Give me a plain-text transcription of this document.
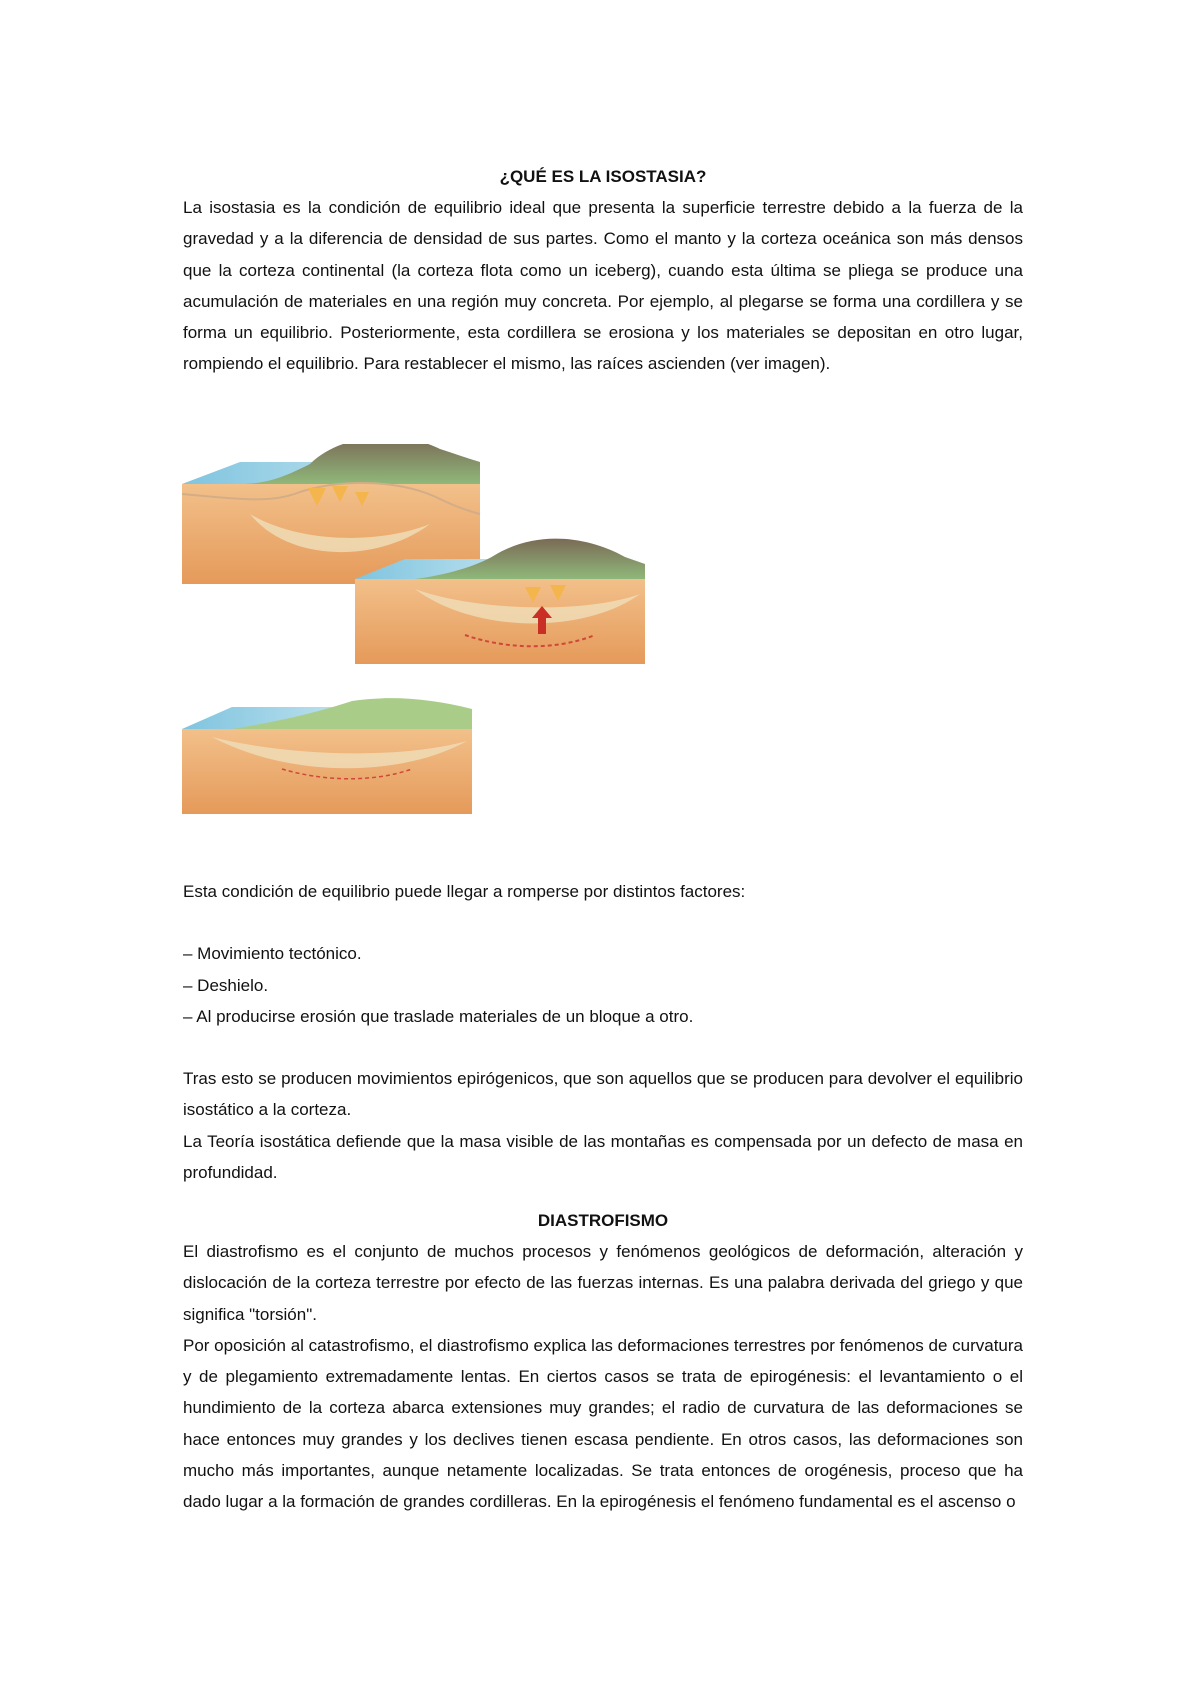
¿QUÉ ES LA ISOSTASIA?

La isostasia es la condición de equilibrio ideal que presenta la superficie terrestre debido a la fuerza de la gravedad y a la diferencia de densidad de sus partes. Como el manto y la corteza oceánica son más densos que la corteza continental (la corteza flota como un iceberg), cuando esta última se pliega se produce una acumulación de materiales en una región muy concreta. Por ejemplo, al plegarse se forma una cordillera y se forma un equilibrio. Posteriormente, esta cordillera se erosiona y los materiales se depositan en otro lugar, rompiendo el equilibrio. Para restablecer el mismo, las raíces ascienden (ver imagen).

Esta condición de equilibrio puede llegar a romperse por distintos factores:

– Movimiento tectónico.

– Deshielo.

– Al producirse erosión que traslade materiales de un bloque a otro.

Tras esto se producen movimientos epirógenicos, que son aquellos que se producen para devolver el equilibrio isostático a la corteza.

La Teoría isostática defiende que la masa visible de las montañas es compensada por un defecto de masa en profundidad.

DIASTROFISMO

El diastrofismo es el conjunto de muchos procesos y fenómenos geológicos de deformación, alteración y dislocación de la corteza terrestre por efecto de las fuerzas internas. Es una palabra derivada del griego y que significa "torsión".

Por oposición al catastrofismo, el diastrofismo explica las deformaciones terrestres por fenómenos de curvatura y de plegamiento extremadamente lentas. En ciertos casos se trata de epirogénesis: el levantamiento o el hundimiento de la corteza abarca extensiones muy grandes; el radio de curvatura de las deformaciones se hace entonces muy grandes y los declives tienen escasa pendiente. En otros casos, las deformaciones son mucho más importantes, aunque netamente localizadas. Se trata entonces de orogénesis, proceso que ha dado lugar a la formación de grandes cordilleras. En la epirogénesis el fenómeno fundamental es el ascenso o
